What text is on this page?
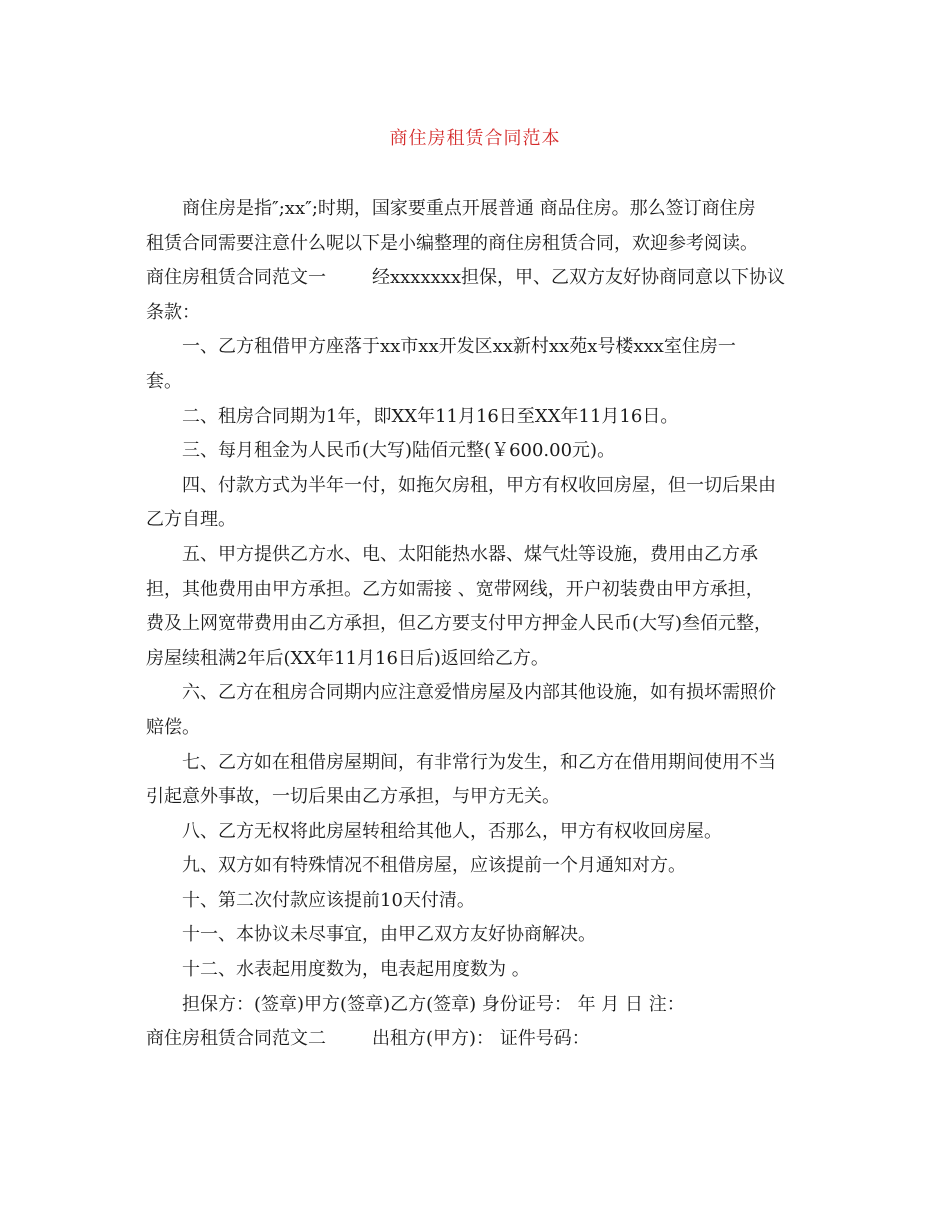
商住房租赁合同范本

商住房是指″;xx″;时期，国家要重点开展普通 商品住房。那么签订商住房

租赁合同需要注意什么呢以下是小编整理的商住房租赁合同，欢迎参考阅读。

商住房租赁合同范文一	经xxxxxxx担保，甲、乙双方友好协商同意以下协议

条款：

一、乙方租借甲方座落于xx市xx开发区xx新村xx苑x号楼xxx室住房一

套。

二、租房合同期为1年，即XX年11月16日至XX年11月16日。

三、每月租金为人民币(大写)陆佰元整(￥600.00元)。

四、付款方式为半年一付，如拖欠房租，甲方有权收回房屋，但一切后果由

乙方自理。

五、甲方提供乙方水、电、太阳能热水器、煤气灶等设施，费用由乙方承

担，其他费用由甲方承担。乙方如需接 、宽带网线，开户初装费由甲方承担，

费及上网宽带费用由乙方承担，但乙方要支付甲方押金人民币(大写)叁佰元整，

房屋续租满2年后(XX年11月16日后)返回给乙方。

六、乙方在租房合同期内应注意爱惜房屋及内部其他设施，如有损坏需照价

赔偿。

七、乙方如在租借房屋期间，有非常行为发生，和乙方在借用期间使用不当

引起意外事故，一切后果由乙方承担，与甲方无关。

八、乙方无权将此房屋转租给其他人，否那么，甲方有权收回房屋。

九、双方如有特殊情况不租借房屋，应该提前一个月通知对方。

十、第二次付款应该提前10天付清。

十一、本协议未尽事宜，由甲乙双方友好协商解决。

十二、水表起用度数为，电表起用度数为 。

担保方：(签章)甲方(签章)乙方(签章) 身份证号： 年 月 日 注：

商住房租赁合同范文二	出租方(甲方)： 证件号码：
